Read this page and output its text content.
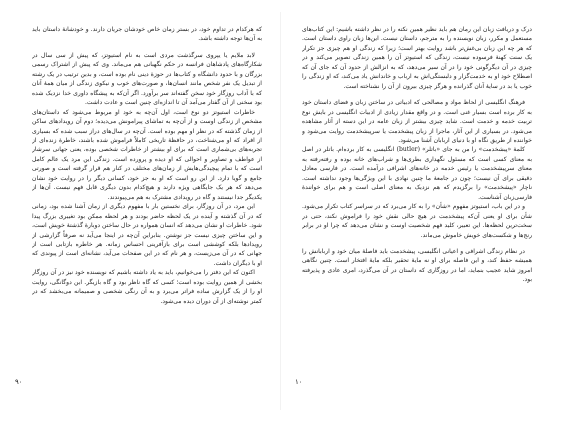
که هرکدام در تداوم خود، در بستر زمان خاص خودشان جریان دارند. و خودشانهٔ داستان باید به آن‌ها توجه داشته باشد.

لابد ملایم یا یپروی سرگذشت مردی است به نام استیوتز، که پیش از سی سال در شکارگاه‌های پادشاهان فرانسه در حکم نگهبانی هم می‌ماند. وی که پیش از اشتراک رسمی بزرگان و با حدود دانشگاه و کتاب‌ها در حوزهٔ دینی نام بوده است، و بدین ترتیب در یک رشته از تبدیل یک نفر شخص مانند انسان‌ها، و صورت‌های خوب و نیکوی زندگی از میان همهٔ آنان که با آداب روزگار خود سخن گفته‌اند سر برآورد. اگر آن‌که به پیشگاه داوری خدا نزدیک شده بود سخنی از آن گفتار می‌آمد آن تا اندازه‌ای چنین است و عادت داشت.

خاطرات استیوتز دو نوع است، اول آن‌چه به خود او مربوط می‌شود که داستان‌های مشخص از زندگی اوست و از آن‌چه به تماشای پیرامونش می‌دیده؛ دوم آن رویدادهای ساکن از زمان گذشته که در نظر او مهم بوده است. آن‌چه در سال‌های دراز سبب شده که بسیاری از افراد که او می‌شناخت، در حافظهٔ تاریخی کاملاً فراموش شده باشند، خاطرهٔ زنده‌ای از تجربه‌های بی‌شماری است که برای او بیشتر از خاطرات شخصی بوده، یعنی جهانی سرشار از عواطف و تصاویر و احوالی که او دیده و پرورده است. زندگی این مرد یک عالم کامل است که با تمام پیچیدگی‌هایش از زمان‌های مختلف در کنار هم قرار گرفته است و صورتی جامع و گویا دارد. از این رو است که او به جز خود، کسانی دیگر را در روایت خود نشان می‌دهد که هر یک جایگاهی ویژه دارند و هیچ‌کدام بدون دیگری قابل فهم نیست. آن‌ها از یکدیگر جدا نیستند و گاه در رویدادی مشترک به هم می‌پیوندند.

این مرد، در آن روزگار، برای نخستین بار با مفهوم دیگری از زمان آشنا شده بود، زمانی که در آن گذشته و آینده در یک لحظه حاضر بودند و هر لحظه ممکن بود تغییری بزرگ پیدا شود. خاطرات او نشان می‌دهد که انسان همواره در حال ساختن دوبارهٔ گذشتهٔ خویش است، و این ساختن چیزی نیست جز نوشتن. بنابراین آن‌چه در اینجا می‌آید نه صرفاً گزارشی از رویدادها بلکه کوششی است برای بازآفرینی احساس زمانه. هر خاطره بازتابی است از جهانی که در آن می‌زیست، و هر نام که در این صفحات می‌آید، نشانه‌ای است از پیوندی که او با دیگران داشت.

اکنون که این دفتر را می‌خوانیم، باید به یاد داشته باشیم که نویسنده خود نیز در آن روزگار بخشی از همین روایت بوده است؛ کسی که گاه ناظر بود و گاه بازیگر. این دوگانگی، روایت او را از یک گزارش ساده فراتر می‌برد و به آن رنگی شخصی و صمیمانه می‌بخشد که در کمتر نوشته‌ای از آن دوران دیده می‌شود.

درک و دریافت زبان این رمان هم باید نظیر همین نکته را در نظر داشته باشیم: این کتاب‌های مستعمل و مکرر، زبان نویسنده را به مترجم، داستان نیست. این‌ها زبان راوی داستان است. که هر چه این زبان بی‌غش‌تر باشد روایت بهتر است؛ زیرا که زندگی او هم چیزی جز تکرار یک سنت کهنهٔ فرسوده نیست، زندگی که استیوتز آن را همین زندگی تصویر می‌کند و در چیزی در آن دیگرگونی خود را در آن سیر می‌دهد، که به انزالش از حدود آن که جای آن که اصطلاح خود او به خدمت‌گزار و دلبستگی‌اش به ارباب و خاندانش یاد می‌کند، که او زندگی را خوب یا بد در سایهٔ آنان گذرانده و هرگز چیزی بیرون از آن را نشناخته است.

فرهنگ انگلیسی از لحاظ مواد و مصالحی که ادبیاتی در ساختن زبان و فضای داستان خود به کار برده است بسیار غنی است. و در واقع مقدار زیادی از ادبیات انگلیسی در بایش نوع تربیت خدمه و خدمت است. شاید چیزی بیشتر از زبان عامه در این دسته از آثار مشاهده می‌شود. در بسیاری از این آثار، ماجرا از زبان پیشخدمت یا سرپیشخدمت روایت می‌شود و خواننده از طریق نگاه او با دنیای اربابان آشنا می‌شود.

کلمهٔ «پیشخدمت» را من به جای «باتلر» (butler) انگلیسی به کار برده‌ام. باتلر در اصل به معنای کسی است که مسئول نگهداری بطری‌ها و شراب‌های خانه بوده و رفته‌رفته به معنای سرپیشخدمت یا رئیس خدمه در خانه‌های اشرافی درآمده است. در فارسی معادل دقیقی برای آن نیست؛ چون در جامعهٔ ما چنین نهادی با این ویژگی‌ها وجود نداشته است. ناچار «پیشخدمت» را برگزیدم که هم نزدیک به معنای اصلی است و هم برای خوانندهٔ فارسی‌زبان آشناست.

و در این باب، استیوتز مفهوم «شأن» را به کار می‌برد که در سراسر کتاب تکرار می‌شود. شأن برای او یعنی آن‌که پیشخدمت در هیچ حالی نقش خود را فراموش نکند، حتی در سخت‌ترین لحظه‌ها. این تعبیر، کلید فهم شخصیت اوست و نشان می‌دهد که چرا او در برابر رنج‌ها و شکست‌های خویش خاموش می‌ماند.

در نظام زندگی اشرافی و اعیانی انگلیسی، پیشخدمت باید فاصلهٔ میان خود و اربابانش را همیشه حفظ کند، و این فاصله برای او نه مایهٔ تحقیر بلکه مایهٔ افتخار است. چنین نگاهی امروز شاید عجیب بنماید، اما در روزگاری که داستان در آن می‌گذرد، امری عادی و پذیرفته بود.

۹۰	۱۰
